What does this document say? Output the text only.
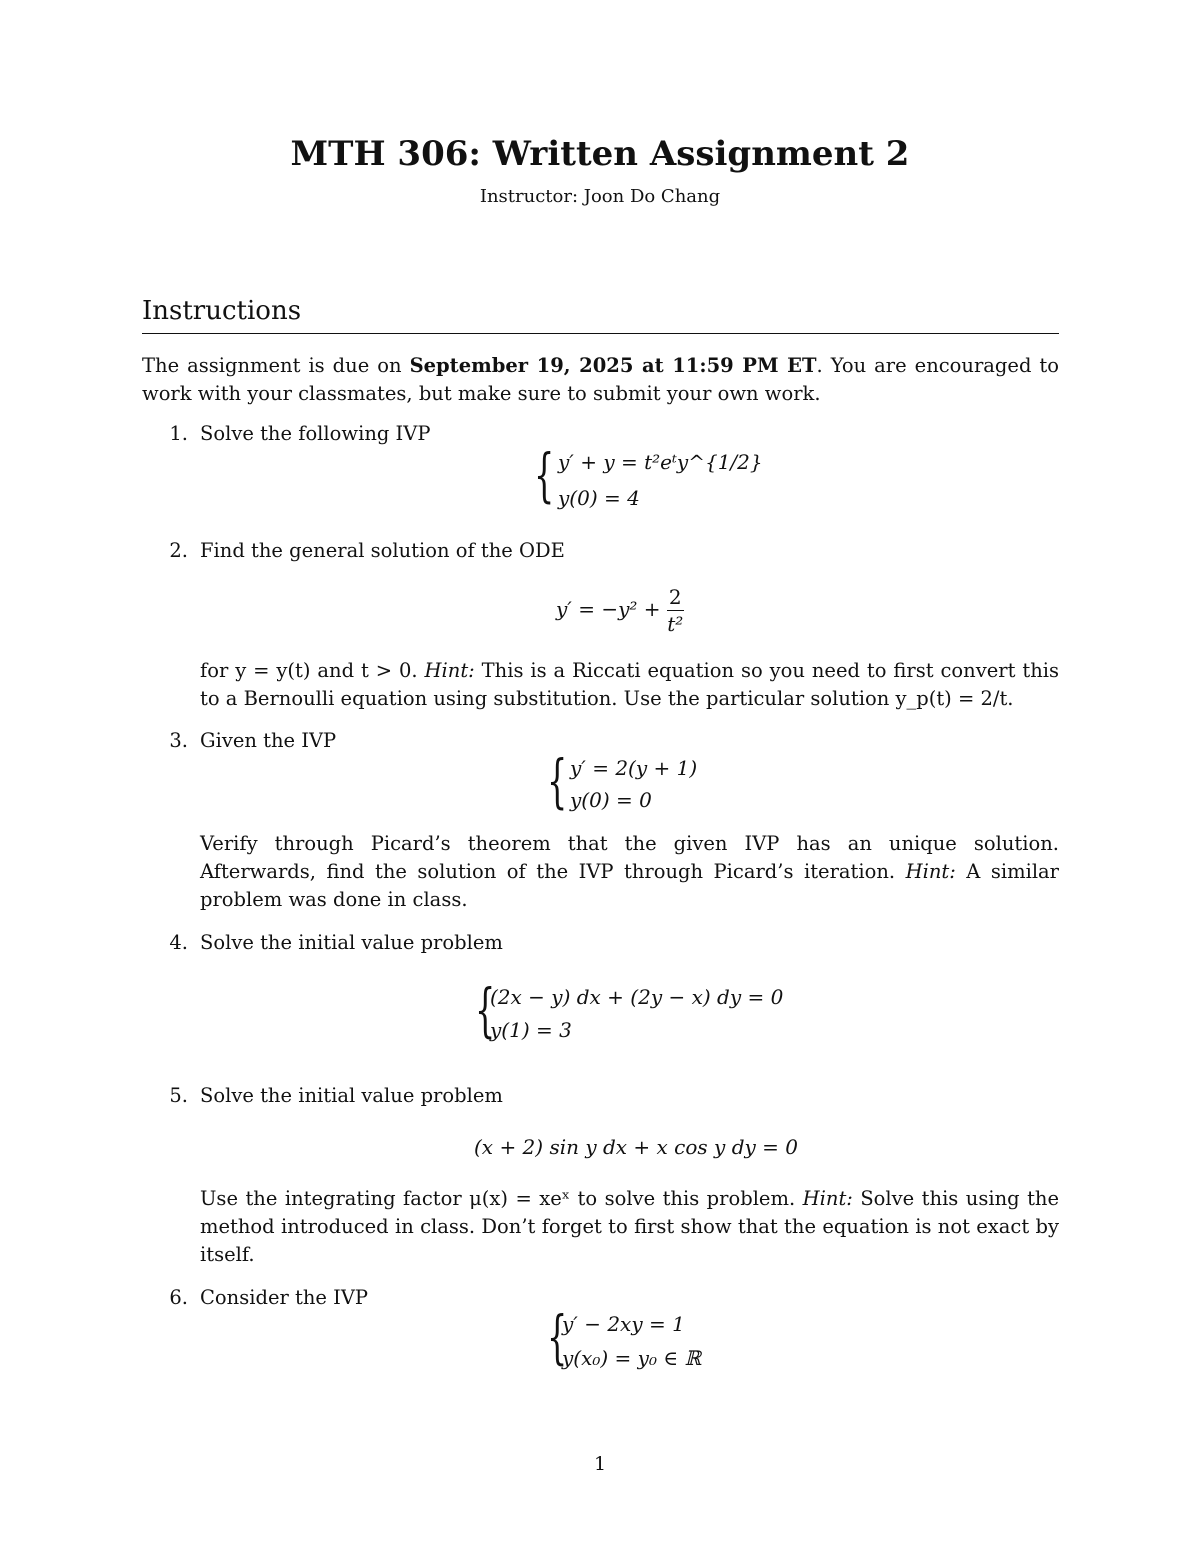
MTH 306: Written Assignment 2
Instructor: Joon Do Chang
Instructions
The assignment is due on September 19, 2025 at 11:59 PM ET. You are encouraged to work with your classmates, but make sure to submit your own work.
1. Solve the following IVP
{ y′ + y = t²eᵗy^{1/2}
y(0) = 4
2. Find the general solution of the ODE
$y' = -y^2 + \frac{2}{\text{t²}}$
for y = y(t) and t > 0. Hint: This is a Riccati equation so you need to first convert this to a Bernoulli equation using substitution. Use the particular solution y_p(t) = 2/t.
3. Given the IVP
{ y′ = 2(y + 1)
y(0) = 0
Verify through Picard’s theorem that the given IVP has an unique solution. Afterwards, find the solution of the IVP through Picard’s iteration. Hint: A similar problem was done in class.
4. Solve the initial value problem
{
(2x − y) dx + (2y − x) dy = 0
y(1) = 3
5. Solve the initial value problem
(x + 2) sin y dx + x cos y dy = 0
Use the integrating factor μ(x) = xeˣ to solve this problem. Hint: Solve this using the method introduced in class. Don’t forget to first show that the equation is not exact by itself.
6. Consider the IVP
{
y′ − 2xy = 1
y(x₀) = y₀ ∈ ℝ
1
